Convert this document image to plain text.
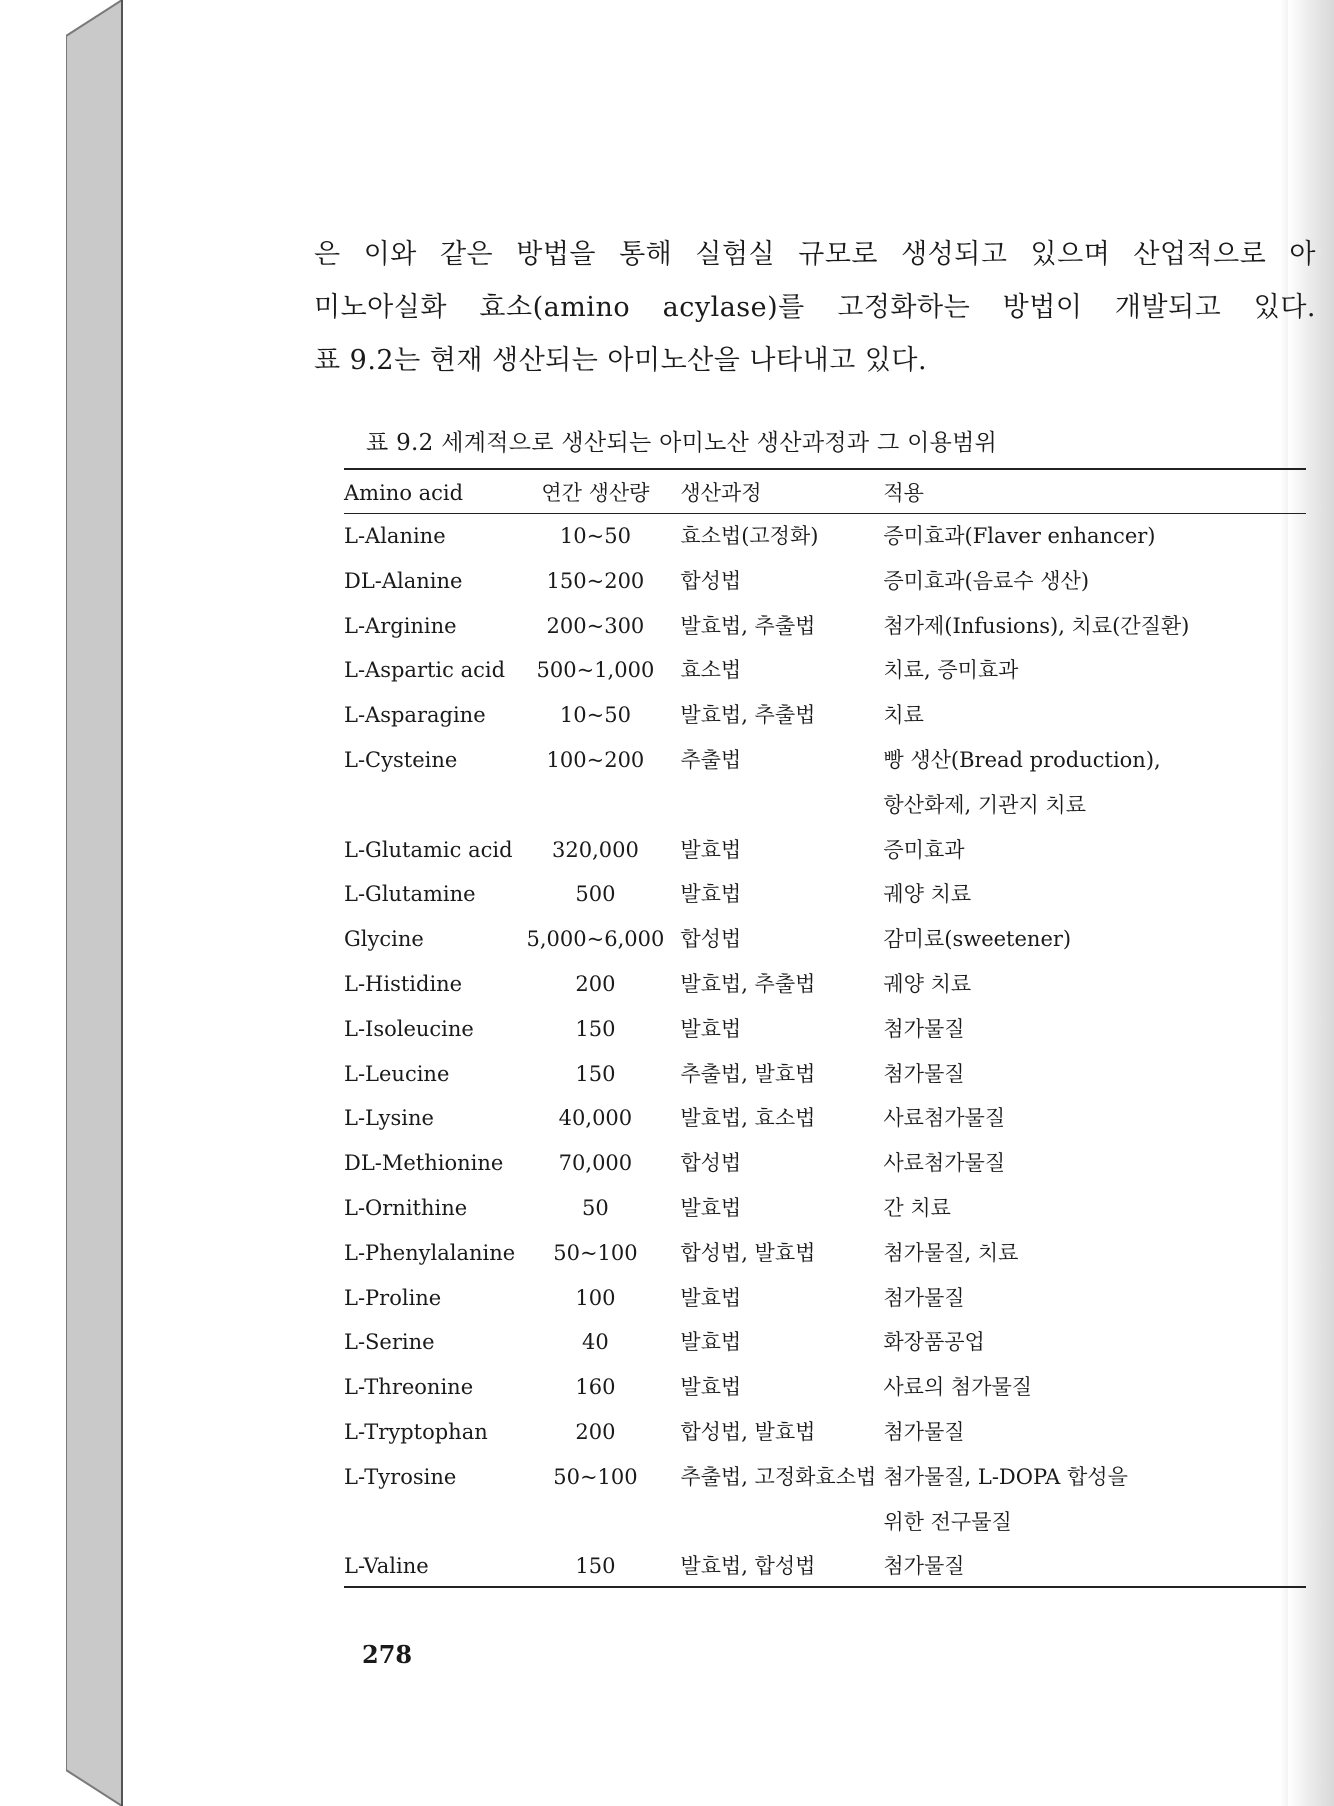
은 이와 같은 방법을 통해 실험실 규모로 생성되고 있으며 산업적으로 아
미노아실화 효소(amino acylase)를 고정화하는 방법이 개발되고 있다.
표 9.2는 현재 생산되는 아미노산을 나타내고 있다.
표 9.2 세계적으로 생산되는 아미노산 생산과정과 그 이용범위
Amino acid	연간 생산량	생산과정	적용
L-Alanine	10~50	효소법(고정화)	증미효과(Flaver enhancer)
DL-Alanine	150~200	합성법	증미효과(음료수 생산)
L-Arginine	200~300	발효법, 추출법	첨가제(Infusions), 치료(간질환)
L-Aspartic acid	500~1,000	효소법	치료, 증미효과
L-Asparagine	10~50	발효법, 추출법	치료
L-Cysteine	100~200	추출법	빵 생산(Bread production),
			항산화제, 기관지 치료
L-Glutamic acid	320,000	발효법	증미효과
L-Glutamine	500	발효법	궤양 치료
Glycine	5,000~6,000	합성법	감미료(sweetener)
L-Histidine	200	발효법, 추출법	궤양 치료
L-Isoleucine	150	발효법	첨가물질
L-Leucine	150	추출법, 발효법	첨가물질
L-Lysine	40,000	발효법, 효소법	사료첨가물질
DL-Methionine	70,000	합성법	사료첨가물질
L-Ornithine	50	발효법	간 치료
L-Phenylalanine	50~100	합성법, 발효법	첨가물질, 치료
L-Proline	100	발효법	첨가물질
L-Serine	40	발효법	화장품공업
L-Threonine	160	발효법	사료의 첨가물질
L-Tryptophan	200	합성법, 발효법	첨가물질
L-Tyrosine	50~100	추출법, 고정화효소법	첨가물질, L-DOPA 합성을
			위한 전구물질
L-Valine	150	발효법, 합성법	첨가물질
278
